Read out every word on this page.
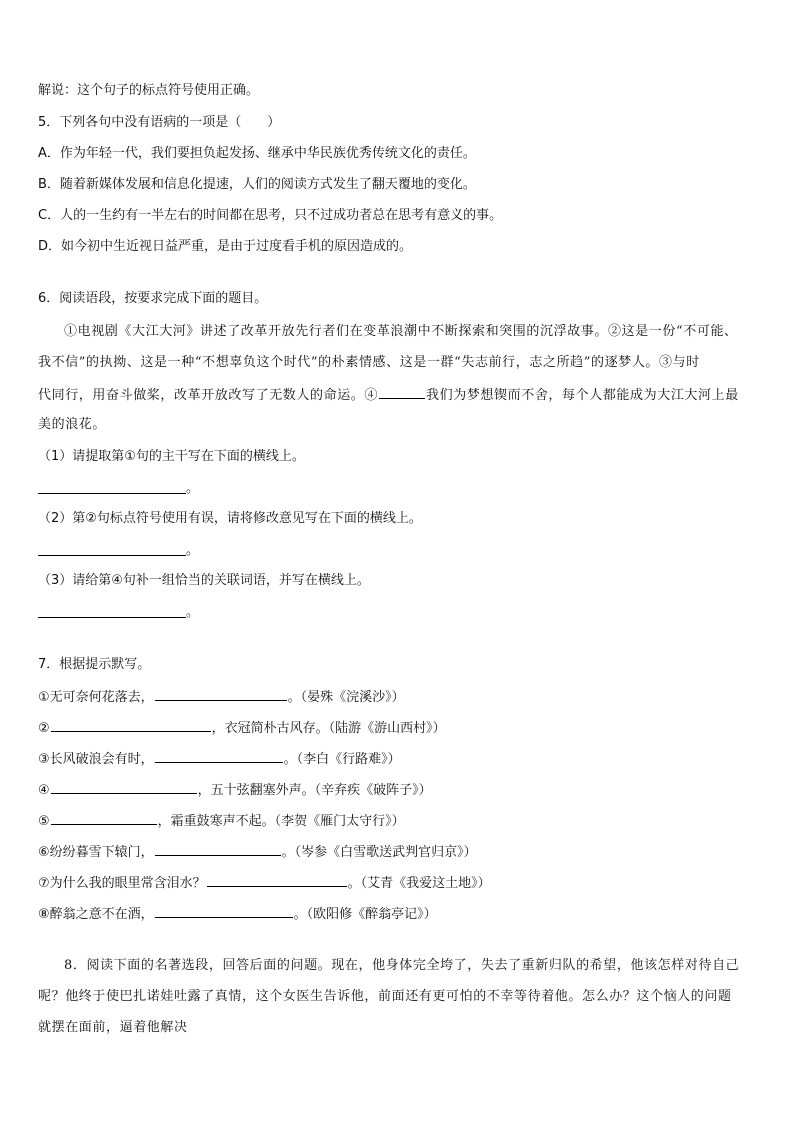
解说：这个句子的标点符号使用正确。
5．下列各句中没有语病的一项是（　　）
A．作为年轻一代，我们要担负起发扬、继承中华民族优秀传统文化的责任。
B．随着新媒体发展和信息化提速，人们的阅读方式发生了翻天覆地的变化。
C．人的一生约有一半左右的时间都在思考，只不过成功者总在思考有意义的事。
D．如今初中生近视日益严重，是由于过度看手机的原因造成的。
6．阅读语段，按要求完成下面的题目。
①电视剧《大江大河》讲述了改革开放先行者们在变革浪潮中不断探索和突围的沉浮故事。②这是一份“不可能、
我不信”的执拗、这是一种“不想辜负这个时代”的朴素情感、这是一群“失志前行，志之所趋”的逐梦人。③与时
代同行，用奋斗做桨，改革开放改写了无数人的命运。④	我们为梦想锲而不舍，每个人都能成为大江大河上最
美的浪花。
（1）请提取第①句的主干写在下面的横线上。
。
（2）第②句标点符号使用有误，请将修改意见写在下面的横线上。
。
（3）请给第④句补一组恰当的关联词语，并写在横线上。
。
7．根据提示默写。
①无可奈何花落去，	。（晏殊《浣溪沙》）
②	，衣冠简朴古风存。（陆游《游山西村》）
③长风破浪会有时，	。（李白《行路难》）
④	，五十弦翻塞外声。（辛弃疾《破阵子》）
⑤	，霜重鼓寒声不起。（李贺《雁门太守行》）
⑥纷纷暮雪下辕门，	。（岑参《白雪歌送武判官归京》）
⑦为什么我的眼里常含泪水？	。（艾青《我爱这土地》）
⑧醉翁之意不在酒，	。（欧阳修《醉翁亭记》）
8．阅读下面的名著选段，回答后面的问题。现在，他身体完全垮了，失去了重新归队的希望，他该怎样对待自己
呢？他终于使巴扎诺娃吐露了真情，这个女医生告诉他，前面还有更可怕的不幸等待着他。怎么办？这个恼人的问题
就摆在面前，逼着他解决
